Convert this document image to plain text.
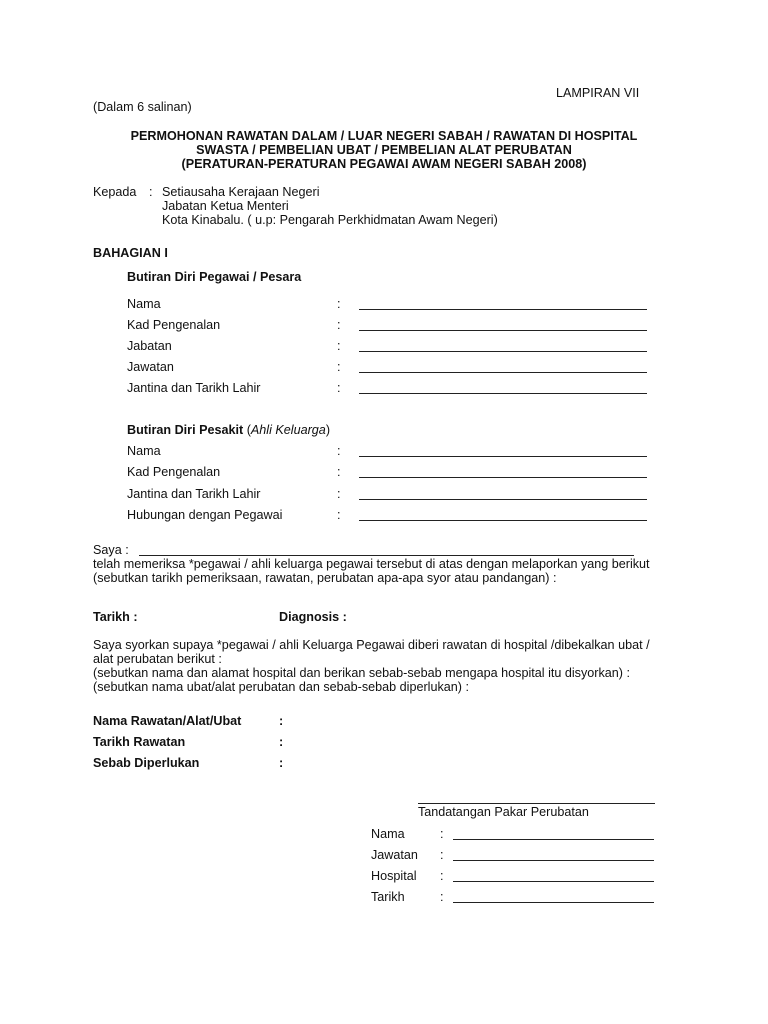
LAMPIRAN VII
(Dalam 6 salinan)
PERMOHONAN RAWATAN DALAM / LUAR NEGERI SABAH / RAWATAN DI HOSPITAL
SWASTA / PEMBELIAN UBAT / PEMBELIAN ALAT PERUBATAN
(PERATURAN-PERATURAN PEGAWAI AWAM NEGERI SABAH 2008)
Kepada : Setiausaha Kerajaan Negeri
Jabatan Ketua Menteri
Kota Kinabalu. ( u.p: Pengarah Perkhidmatan Awam Negeri)
BAHAGIAN I
Butiran Diri Pegawai / Pesara
Nama	:
Kad Pengenalan	:
Jabatan	:
Jawatan	:
Jantina dan Tarikh Lahir	:
Butiran Diri Pesakit (Ahli Keluarga)
Nama	:
Kad Pengenalan	:
Jantina dan Tarikh Lahir	:
Hubungan dengan Pegawai	:
Saya :
telah memeriksa *pegawai / ahli keluarga pegawai tersebut di atas dengan melaporkan yang berikut
(sebutkan tarikh pemeriksaan, rawatan, perubatan apa-apa syor atau pandangan) :
Tarikh :	Diagnosis :
Saya syorkan supaya *pegawai / ahli Keluarga Pegawai diberi rawatan di hospital /dibekalkan ubat /
alat perubatan berikut :
(sebutkan nama dan alamat hospital dan berikan sebab-sebab mengapa hospital itu disyorkan) :
(sebutkan nama ubat/alat perubatan dan sebab-sebab diperlukan) :
Nama Rawatan/Alat/Ubat	:
Tarikh Rawatan	:
Sebab Diperlukan	:
Tandatangan Pakar Perubatan
Nama	:
Jawatan :
Hospital :
Tarikh	:
